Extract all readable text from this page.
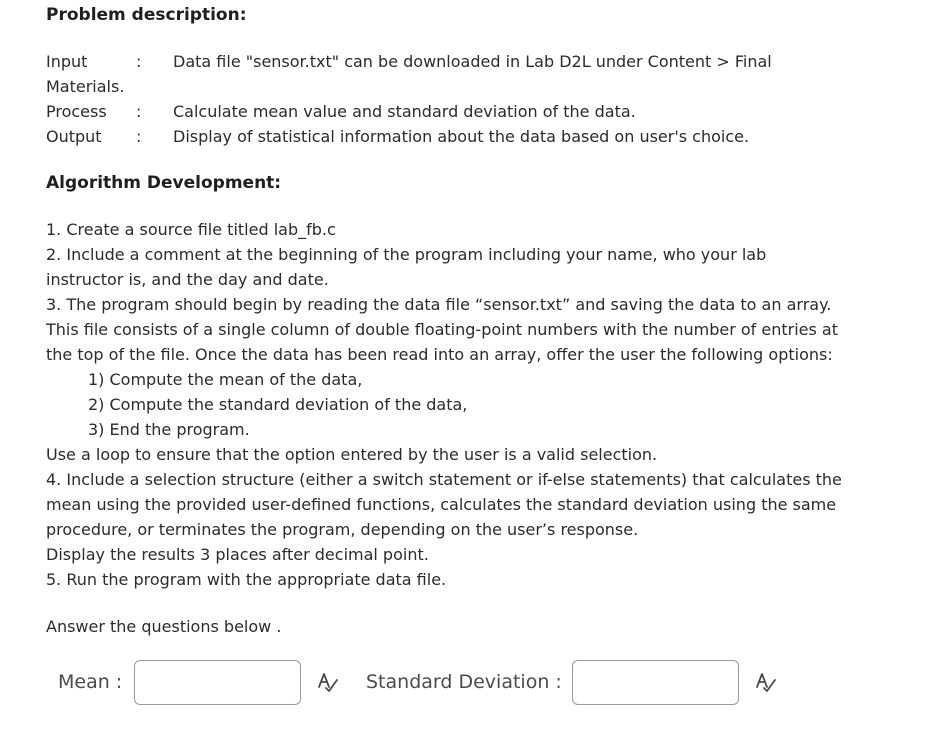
Problem description:
Input	: Data file "sensor.txt" can be downloaded in Lab D2L under Content > Final
Materials.
Process : Calculate mean value and standard deviation of the data.
Output : Display of statistical information about the data based on user's choice.
Algorithm Development:
1. Create a source file titled lab_fb.c
2. Include a comment at the beginning of the program including your name, who your lab
instructor is, and the day and date.
3. The program should begin by reading the data file “sensor.txt” and saving the data to an array.
This file consists of a single column of double floating-point numbers with the number of entries at
the top of the file. Once the data has been read into an array, offer the user the following options:
1) Compute the mean of the data,
2) Compute the standard deviation of the data,
3) End the program.
Use a loop to ensure that the option entered by the user is a valid selection.
4. Include a selection structure (either a switch statement or if-else statements) that calculates the
mean using the provided user-defined functions, calculates the standard deviation using the same
procedure, or terminates the program, depending on the user’s response.
Display the results 3 places after decimal point.
5. Run the program with the appropriate data file.
Answer the questions below .
Mean :	Standard Deviation :
